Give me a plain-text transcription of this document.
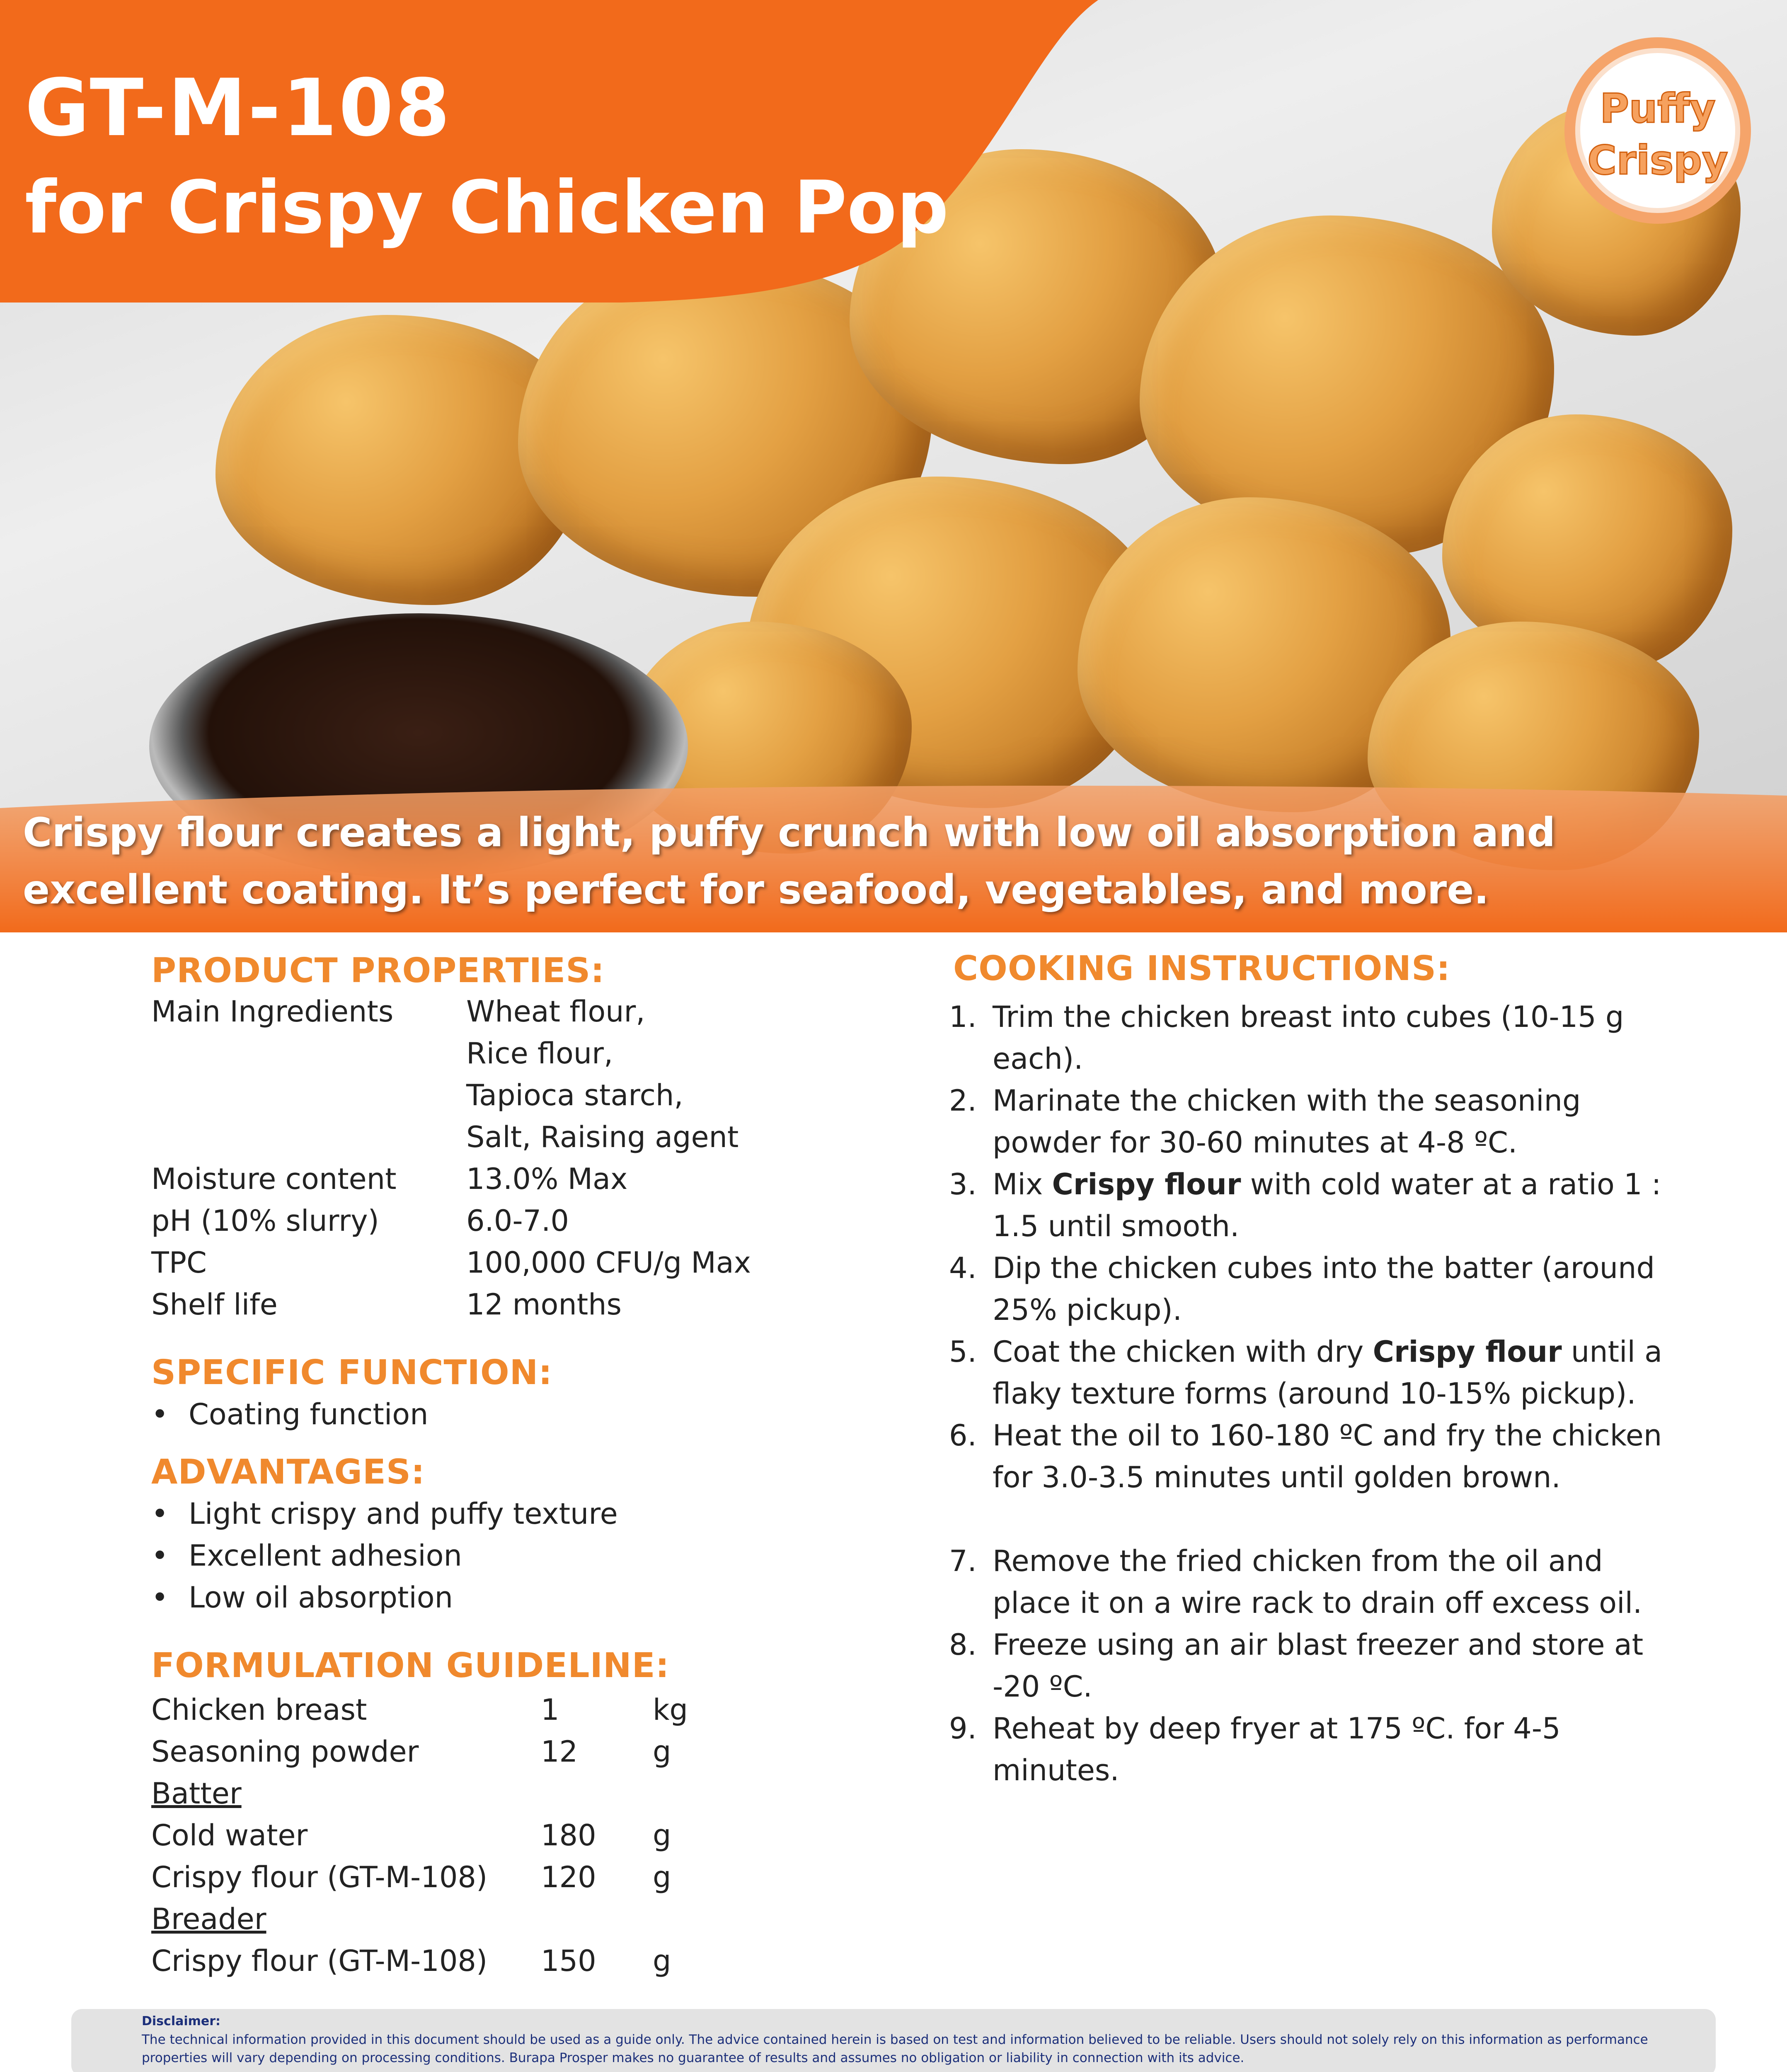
GT-M-108
for Crispy Chicken Pop
Puffy
Crispy
Crispy flour creates a light, puffy crunch with low oil absorption and excellent coating. It’s perfect for seafood, vegetables, and more.
PRODUCT PROPERTIES:
Main Ingredients	Wheat flour,
Rice flour,
Tapioca starch,
Salt, Raising agent
Moisture content 13.0% Max
pH (10% slurry)	6.0-7.0
TPC	100,000 CFU/g Max
Shelf life	12 months
SPECIFIC FUNCTION:
• Coating function
ADVANTAGES:
• Light crispy and puffy texture
• Excellent adhesion
• Low oil absorption
FORMULATION GUIDELINE:
Chicken breast	1	kg
Seasoning powder	12	g
Batter
Cold water	180 g
Crispy flour (GT-M-108) 120 g
Breader
Crispy flour (GT-M-108) 150 g
COOKING INSTRUCTIONS:
1. Trim the chicken breast into cubes (10-15 g each).
2. Marinate the chicken with the seasoning powder for 30-60 minutes at 4-8 ºC.
3. Mix Crispy flour with cold water at a ratio 1 : 1.5 until smooth.
4. Dip the chicken cubes into the batter (around 25% pickup).
5. Coat the chicken with dry Crispy flour until a flaky texture forms (around 10-15% pickup).
6. Heat the oil to 160-180 ºC and fry the chicken for 3.0-3.5 minutes until golden brown.
7. Remove the fried chicken from the oil and place it on a wire rack to drain off excess oil.
8. Freeze using an air blast freezer and store at -20 ºC.
9. Reheat by deep fryer at 175 ºC. for 4-5 minutes.
Disclaimer:
The technical information provided in this document should be used as a guide only. The advice contained herein is based on test and information believed to be reliable. Users should not solely rely on this information as performance properties will vary depending on processing conditions. Burapa Prosper makes no guarantee of results and assumes no obligation or liability in connection with its advice.
